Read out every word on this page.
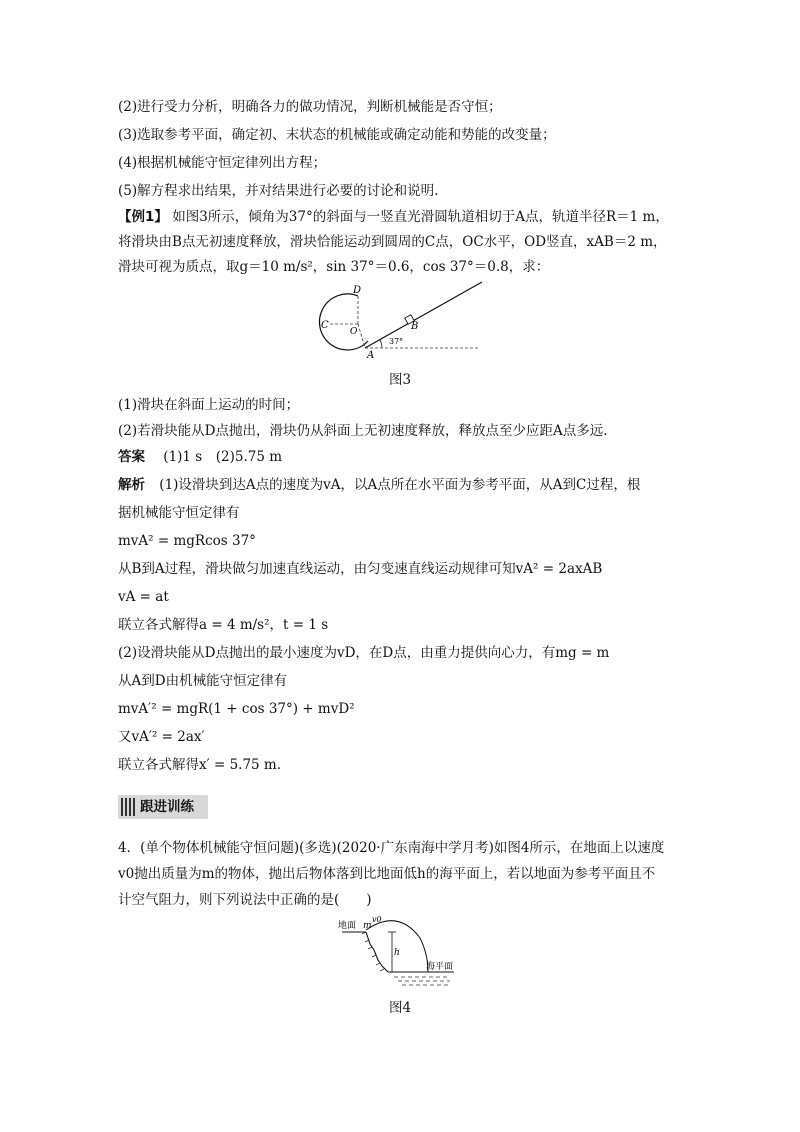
(2)进行受力分析，明确各力的做功情况，判断机械能是否守恒；
(3)选取参考平面，确定初、末状态的机械能或确定动能和势能的改变量；
(4)根据机械能守恒定律列出方程；
(5)解方程求出结果，并对结果进行必要的讨论和说明.
【例1】 如图3所示，倾角为37°的斜面与一竖直光滑圆轨道相切于A点，轨道半径R＝1 m，
将滑块由B点无初速度释放，滑块恰能运动到圆周的C点，OC水平，OD竖直，xAB＝2 m，
滑块可视为质点，取g＝10 m/s²，sin 37°＝0.6，cos 37°＝0.8，求：
D
C
O
A
B
37°
图3
(1)滑块在斜面上运动的时间；
(2)若滑块能从D点抛出，滑块仍从斜面上无初速度释放，释放点至少应距A点多远.
答案 (1)1 s　(2)5.75 m
解析 (1)设滑块到达A点的速度为vA，以A点所在水平面为参考平面，从A到C过程，根
据机械能守恒定律有
mvA² = mgRcos 37°
从B到A过程，滑块做匀加速直线运动，由匀变速直线运动规律可知vA² = 2axAB
vA = at
联立各式解得a = 4 m/s²，t = 1 s
(2)设滑块能从D点抛出的最小速度为vD，在D点，由重力提供向心力，有mg = m
从A到D由机械能守恒定律有
mvA′² = mgR(1 + cos 37°) + mvD²
又vA′² = 2ax′
联立各式解得x′ = 5.75 m.
跟进训练
4．(单个物体机械能守恒问题)(多选)(2020·广东南海中学月考)如图4所示，在地面上以速度
v0抛出质量为m的物体，抛出后物体落到比地面低h的海平面上，若以地面为参考平面且不
计空气阻力，则下列说法中正确的是(　　)
地面 m
v0
h
海平面
图4
